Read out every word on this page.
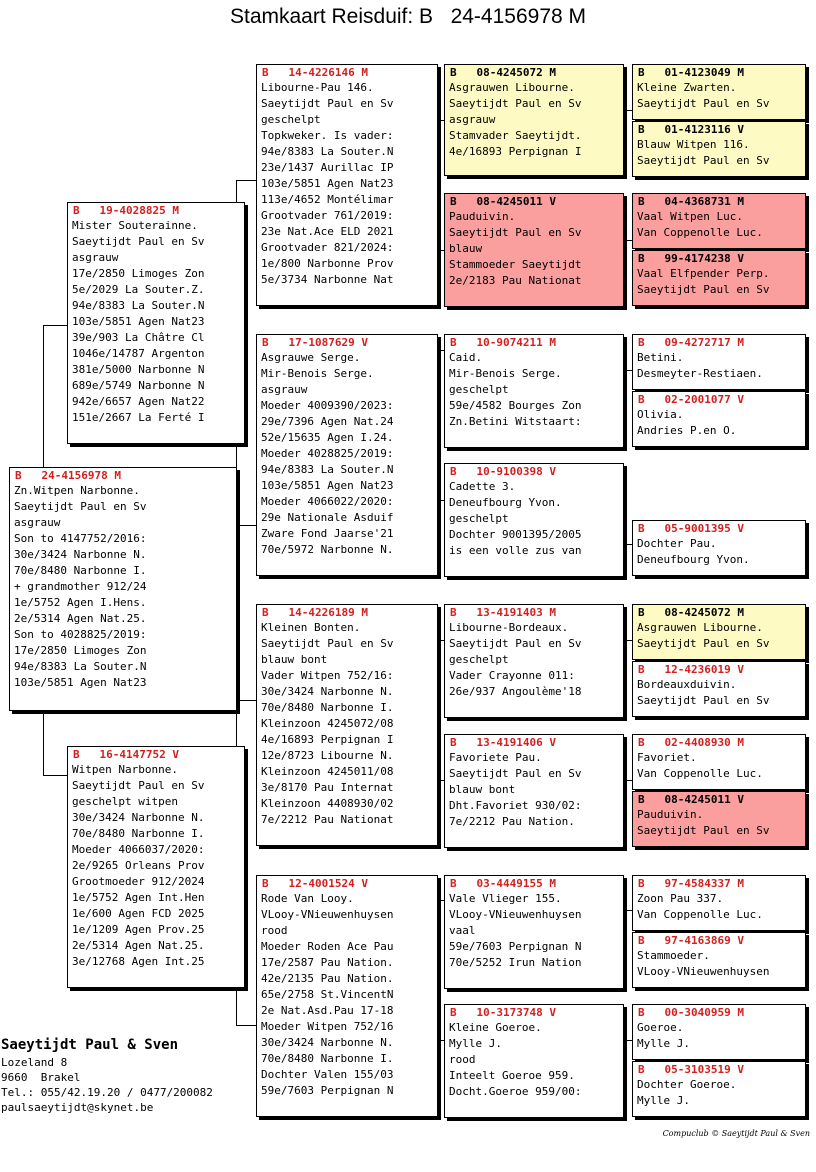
Stamkaart Reisduif: B   24-4156978 M
B   24-4156978 M
Zn.Witpen Narbonne.
Saeytijdt Paul en Sv
asgrauw
Son to 4147752/2016:
30e/3424 Narbonne N.
70e/8480 Narbonne I.
+ grandmother 912/24
1e/5752 Agen I.Hens.
2e/5314 Agen Nat.25.
Son to 4028825/2019:
17e/2850 Limoges Zon
94e/8383 La Souter.N
103e/5851 Agen Nat23
B   19-4028825 M
Mister Souterainne.
Saeytijdt Paul en Sv
asgrauw
17e/2850 Limoges Zon
5e/2029 La Souter.Z.
94e/8383 La Souter.N
103e/5851 Agen Nat23
39e/903 La Châtre Cl
1046e/14787 Argenton
381e/5000 Narbonne N
689e/5749 Narbonne N
942e/6657 Agen Nat22
151e/2667 La Ferté I
B   16-4147752 V
Witpen Narbonne.
Saeytijdt Paul en Sv
geschelpt witpen
30e/3424 Narbonne N.
70e/8480 Narbonne I.
Moeder 4066037/2020:
2e/9265 Orleans Prov
Grootmoeder 912/2024
1e/5752 Agen Int.Hen
1e/600 Agen FCD 2025
1e/1209 Agen Prov.25
2e/5314 Agen Nat.25.
3e/12768 Agen Int.25
B   14-4226146 M
Libourne-Pau 146.
Saeytijdt Paul en Sv
geschelpt
Topkweker. Is vader:
94e/8383 La Souter.N
23e/1437 Aurillac IP
103e/5851 Agen Nat23
113e/4652 Montélimar
Grootvader 761/2019:
23e Nat.Ace ELD 2021
Grootvader 821/2024:
1e/800 Narbonne Prov
5e/3734 Narbonne Nat
B   17-1087629 V
Asgrauwe Serge.
Mir-Benois Serge.
asgrauw
Moeder 4009390/2023:
29e/7396 Agen Nat.24
52e/15635 Agen I.24.
Moeder 4028825/2019:
94e/8383 La Souter.N
103e/5851 Agen Nat23
Moeder 4066022/2020:
29e Nationale Asduif
Zware Fond Jaarse'21
70e/5972 Narbonne N.
B   14-4226189 M
Kleinen Bonten.
Saeytijdt Paul en Sv
blauw bont
Vader Witpen 752/16:
30e/3424 Narbonne N.
70e/8480 Narbonne I.
Kleinzoon 4245072/08
4e/16893 Perpignan I
12e/8723 Libourne N.
Kleinzoon 4245011/08
3e/8170 Pau Internat
Kleinzoon 4408930/02
7e/2212 Pau Nationat
B   12-4001524 V
Rode Van Looy.
VLooy-VNieuwenhuysen
rood
Moeder Roden Ace Pau
17e/2587 Pau Nation.
42e/2135 Pau Nation.
65e/2758 St.VincentN
2e Nat.Asd.Pau 17-18
Moeder Witpen 752/16
30e/3424 Narbonne N.
70e/8480 Narbonne I.
Dochter Valen 155/03
59e/7603 Perpignan N
B   08-4245072 M
Asgrauwen Libourne.
Saeytijdt Paul en Sv
asgrauw
Stamvader Saeytijdt.
4e/16893 Perpignan I
B   08-4245011 V
Pauduivin.
Saeytijdt Paul en Sv
blauw
Stammoeder Saeytijdt
2e/2183 Pau Nationat
B   10-9074211 M
Caid.
Mir-Benois Serge.
geschelpt
59e/4582 Bourges Zon
Zn.Betini Witstaart:
B   10-9100398 V
Cadette 3.
Deneufbourg Yvon.
geschelpt
Dochter 9001395/2005
is een volle zus van
B   13-4191403 M
Libourne-Bordeaux.
Saeytijdt Paul en Sv
geschelpt
Vader Crayonne 011:
26e/937 Angoulème'18
B   13-4191406 V
Favoriete Pau.
Saeytijdt Paul en Sv
blauw bont
Dht.Favoriet 930/02:
7e/2212 Pau Nation.
B   03-4449155 M
Vale Vlieger 155.
VLooy-VNieuwenhuysen
vaal
59e/7603 Perpignan N
70e/5252 Irun Nation
B   10-3173748 V
Kleine Goeroe.
Mylle J.
rood
Inteelt Goeroe 959.
Docht.Goeroe 959/00:
B   01-4123049 M
Kleine Zwarten.
Saeytijdt Paul en Sv
B   01-4123116 V
Blauw Witpen 116.
Saeytijdt Paul en Sv
B   04-4368731 M
Vaal Witpen Luc.
Van Coppenolle Luc.
B   99-4174238 V
Vaal Elfpender Perp.
Saeytijdt Paul en Sv
B   09-4272717 M
Betini.
Desmeyter-Restiaen.
B   02-2001077 V
Olivia.
Andries P.en O.
B   05-9001395 V
Dochter Pau.
Deneufbourg Yvon.
B   08-4245072 M
Asgrauwen Libourne.
Saeytijdt Paul en Sv
B   12-4236019 V
Bordeauxduivin.
Saeytijdt Paul en Sv
B   02-4408930 M
Favoriet.
Van Coppenolle Luc.
B   08-4245011 V
Pauduivin.
Saeytijdt Paul en Sv
B   97-4584337 M
Zoon Pau 337.
Van Coppenolle Luc.
B   97-4163869 V
Stammoeder.
VLooy-VNieuwenhuysen
B   00-3040959 M
Goeroe.
Mylle J.
B   05-3103519 V
Dochter Goeroe.
Mylle J.
Saeytijdt Paul & Sven
Lozeland 8
9660  Brakel
Tel.: 055/42.19.20 / 0477/200082
paulsaeytijdt@skynet.be
Compuclub © Saeytijdt Paul & Sven
